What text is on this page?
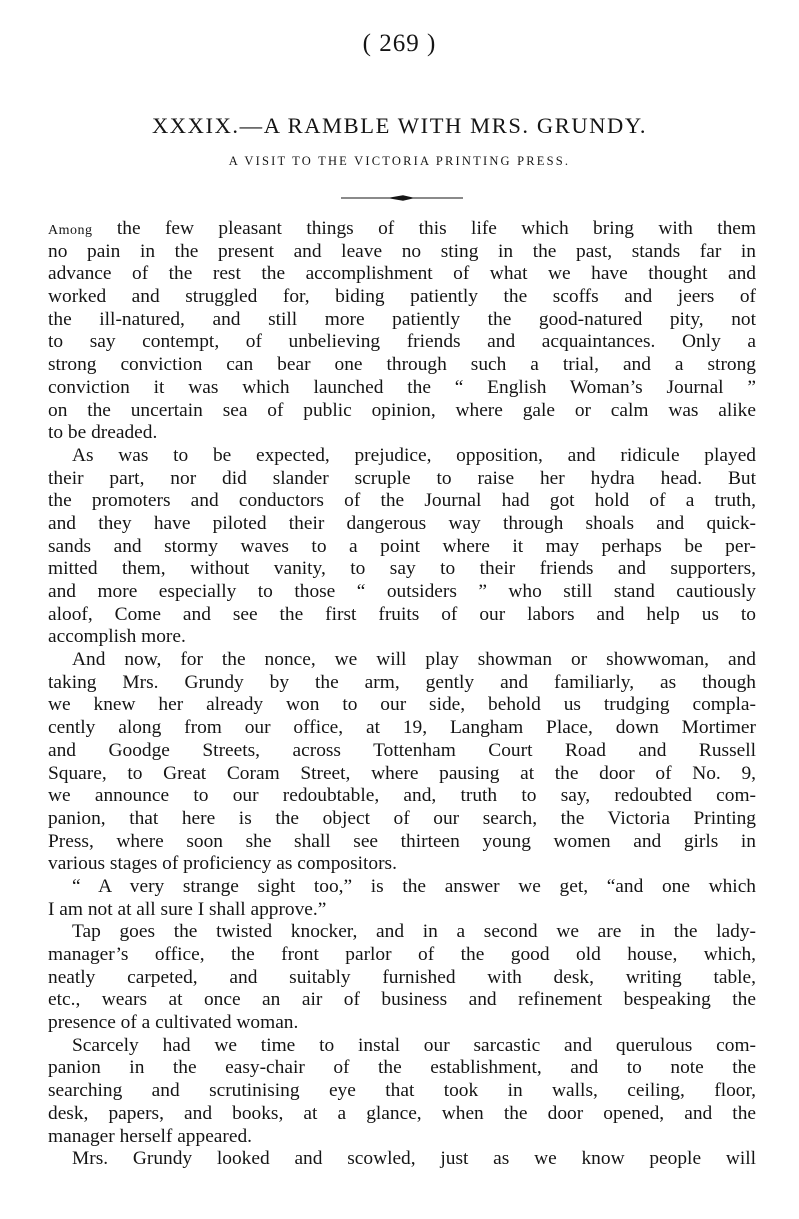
( 269 )
XXXIX.—A RAMBLE WITH MRS. GRUNDY.
A VISIT TO THE VICTORIA PRINTING PRESS.
Among the few pleasant things of this life which bring with them
no pain in the present and leave no sting in the past, stands far in
advance of the rest the accomplishment of what we have thought and
worked and struggled for, biding patiently the scoffs and jeers of
the ill-natured, and still more patiently the good-natured pity, not
to say contempt, of unbelieving friends and acquaintances. Only a
strong conviction can bear one through such a trial, and a strong
conviction it was which launched the “ English Woman’s Journal ”
on the uncertain sea of public opinion, where gale or calm was alike
to be dreaded.
As was to be expected, prejudice, opposition, and ridicule played
their part, nor did slander scruple to raise her hydra head. But
the promoters and conductors of the Journal had got hold of a truth,
and they have piloted their dangerous way through shoals and quick-
sands and stormy waves to a point where it may perhaps be per-
mitted them, without vanity, to say to their friends and supporters,
and more especially to those “ outsiders ” who still stand cautiously
aloof, Come and see the first fruits of our labors and help us to
accomplish more.
And now, for the nonce, we will play showman or showwoman, and
taking Mrs. Grundy by the arm, gently and familiarly, as though
we knew her already won to our side, behold us trudging compla-
cently along from our office, at 19, Langham Place, down Mortimer
and Goodge Streets, across Tottenham Court Road and Russell
Square, to Great Coram Street, where pausing at the door of No. 9,
we announce to our redoubtable, and, truth to say, redoubted com-
panion, that here is the object of our search, the Victoria Printing
Press, where soon she shall see thirteen young women and girls in
various stages of proficiency as compositors.
“ A very strange sight too,” is the answer we get, “and one which
I am not at all sure I shall approve.”
Tap goes the twisted knocker, and in a second we are in the lady-
manager’s office, the front parlor of the good old house, which,
neatly carpeted, and suitably furnished with desk, writing table,
etc., wears at once an air of business and refinement bespeaking the
presence of a cultivated woman.
Scarcely had we time to instal our sarcastic and querulous com-
panion in the easy-chair of the establishment, and to note the
searching and scrutinising eye that took in walls, ceiling, floor,
desk, papers, and books, at a glance, when the door opened, and the
manager herself appeared.
Mrs. Grundy looked and scowled, just as we know people will
